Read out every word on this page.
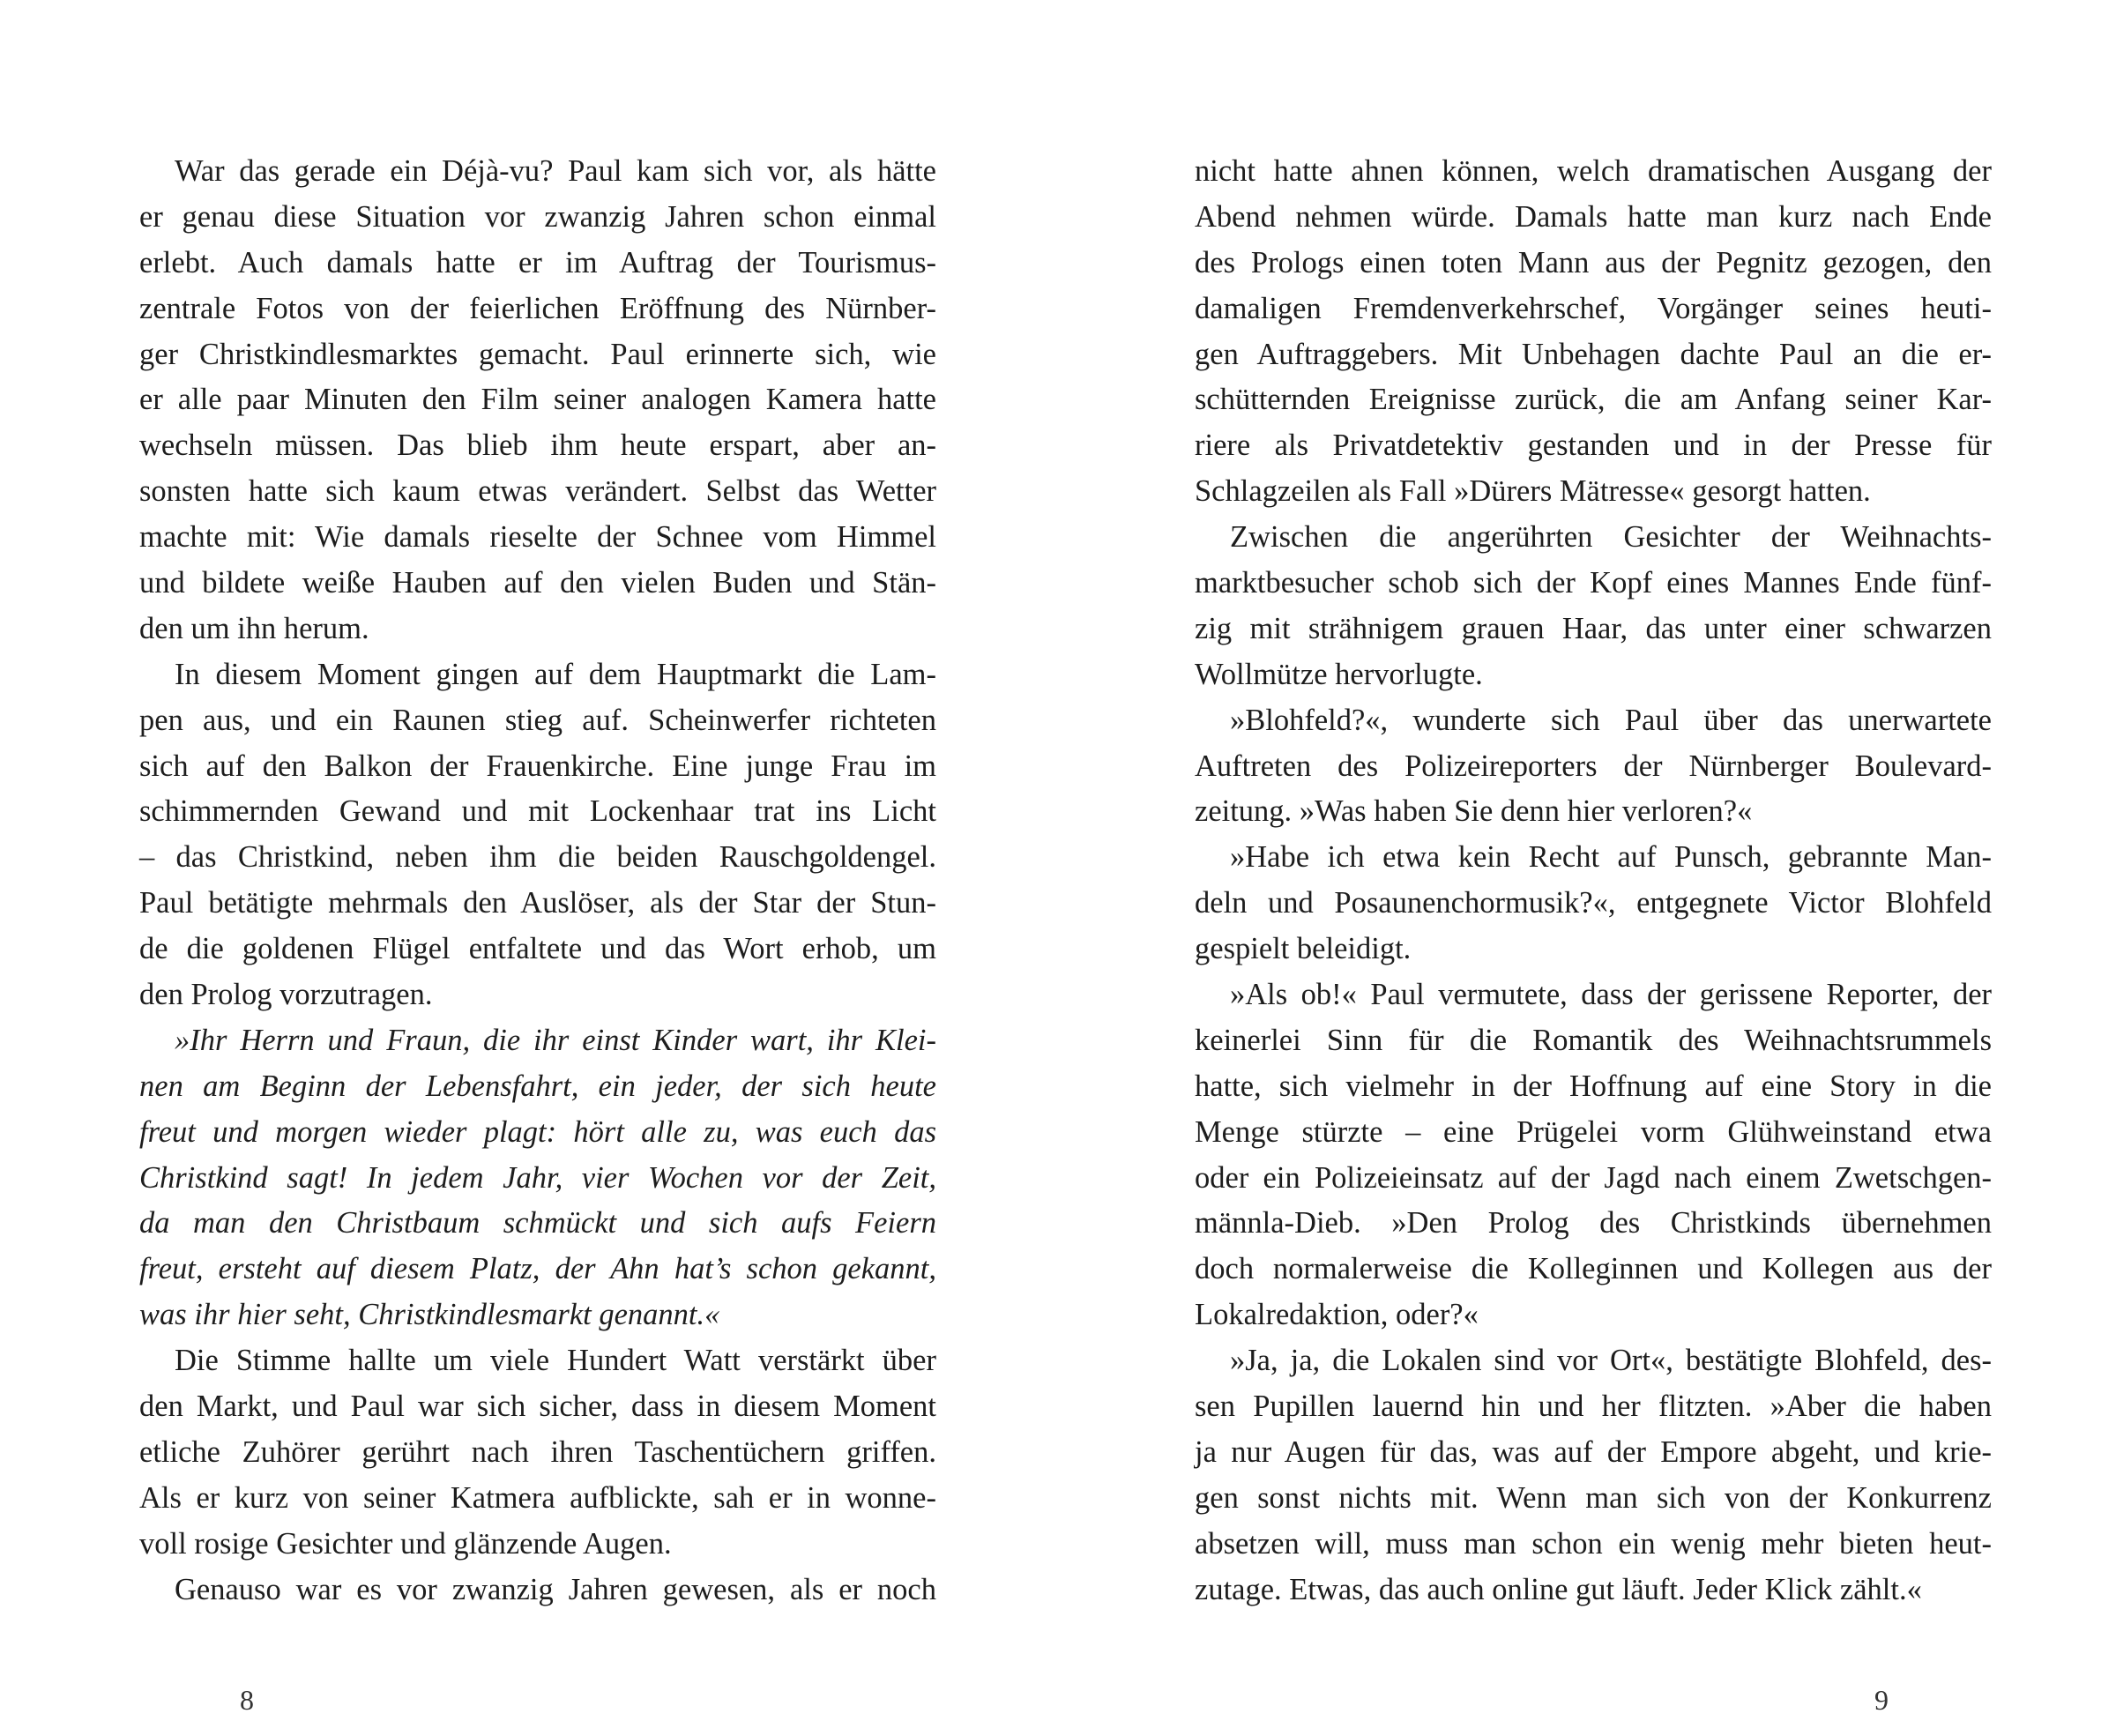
War das gerade ein Déjà-vu? Paul kam sich vor, als hätte
er genau diese Situation vor zwanzig Jahren schon einmal
erlebt. Auch damals hatte er im Auftrag der Tourismus-
zentrale Fotos von der feierlichen Eröffnung des Nürnber-
ger Christkindlesmarktes gemacht. Paul erinnerte sich, wie
er alle paar Minuten den Film seiner analogen Kamera hatte
wechseln müssen. Das blieb ihm heute erspart, aber an-
sonsten hatte sich kaum etwas verändert. Selbst das Wetter
machte mit: Wie damals rieselte der Schnee vom Himmel
und bildete weiße Hauben auf den vielen Buden und Stän-
den um ihn herum.
In diesem Moment gingen auf dem Hauptmarkt die Lam-
pen aus, und ein Raunen stieg auf. Scheinwerfer richteten
sich auf den Balkon der Frauenkirche. Eine junge Frau im
schimmernden Gewand und mit Lockenhaar trat ins Licht
– das Christkind, neben ihm die beiden Rauschgoldengel.
Paul betätigte mehrmals den Auslöser, als der Star der Stun-
de die goldenen Flügel entfaltete und das Wort erhob, um
den Prolog vorzutragen.
»Ihr Herrn und Fraun, die ihr einst Kinder wart, ihr Klei-
nen am Beginn der Lebensfahrt, ein jeder, der sich heute
freut und morgen wieder plagt: hört alle zu, was euch das
Christkind sagt! In jedem Jahr, vier Wochen vor der Zeit,
da man den Christbaum schmückt und sich aufs Feiern
freut, ersteht auf diesem Platz, der Ahn hat’s schon gekannt,
was ihr hier seht, Christkindlesmarkt genannt.«
Die Stimme hallte um viele Hundert Watt verstärkt über
den Markt, und Paul war sich sicher, dass in diesem Moment
etliche Zuhörer gerührt nach ihren Taschentüchern griffen.
Als er kurz von seiner Katmera aufblickte, sah er in wonne-
voll rosige Gesichter und glänzende Augen.
Genauso war es vor zwanzig Jahren gewesen, als er noch
8
nicht hatte ahnen können, welch dramatischen Ausgang der
Abend nehmen würde. Damals hatte man kurz nach Ende
des Prologs einen toten Mann aus der Pegnitz gezogen, den
damaligen Fremdenverkehrschef, Vorgänger seines heuti-
gen Auftraggebers. Mit Unbehagen dachte Paul an die er-
schütternden Ereignisse zurück, die am Anfang seiner Kar-
riere als Privatdetektiv gestanden und in der Presse für
Schlagzeilen als Fall »Dürers Mätresse« gesorgt hatten.
Zwischen die angerührten Gesichter der Weihnachts-
marktbesucher schob sich der Kopf eines Mannes Ende fünf-
zig mit strähnigem grauen Haar, das unter einer schwarzen
Wollmütze hervorlugte.
»Blohfeld?«, wunderte sich Paul über das unerwartete
Auftreten des Polizeireporters der Nürnberger Boulevard-
zeitung. »Was haben Sie denn hier verloren?«
»Habe ich etwa kein Recht auf Punsch, gebrannte Man-
deln und Posaunenchormusik?«, entgegnete Victor Blohfeld
gespielt beleidigt.
»Als ob!« Paul vermutete, dass der gerissene Reporter, der
keinerlei Sinn für die Romantik des Weihnachtsrummels
hatte, sich vielmehr in der Hoffnung auf eine Story in die
Menge stürzte – eine Prügelei vorm Glühweinstand etwa
oder ein Polizeieinsatz auf der Jagd nach einem Zwetschgen-
männla-Dieb. »Den Prolog des Christkinds übernehmen
doch normalerweise die Kolleginnen und Kollegen aus der
Lokalredaktion, oder?«
»Ja, ja, die Lokalen sind vor Ort«, bestätigte Blohfeld, des-
sen Pupillen lauernd hin und her flitzten. »Aber die haben
ja nur Augen für das, was auf der Empore abgeht, und krie-
gen sonst nichts mit. Wenn man sich von der Konkurrenz
absetzen will, muss man schon ein wenig mehr bieten heut-
zutage. Etwas, das auch online gut läuft. Jeder Klick zählt.«
9
